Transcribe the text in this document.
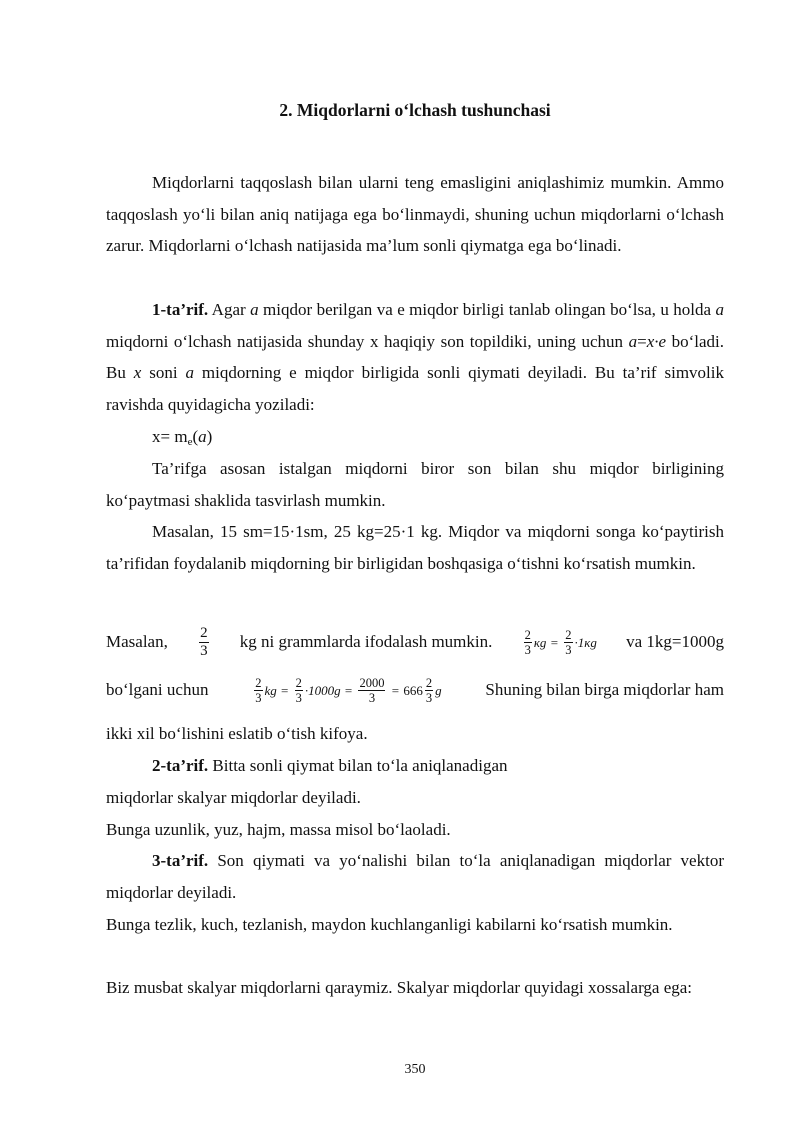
2. Miqdorlarni o‘lchash tushunchasi

Miqdorlarni taqqoslash bilan ularni teng emasligini aniqlashimiz mumkin. Ammo taqqoslash yo‘li bilan aniq natijaga ega bo‘linmaydi, shuning uchun miqdorlarni o‘lchash zarur. Miqdorlarni o‘lchash natijasida ma’lum sonli qiymatga ega bo‘linadi.

1-ta’rif. Agar a miqdor berilgan va e miqdor birligi tanlab olingan bo‘lsa, u holda a miqdorni o‘lchash natijasida shunday x haqiqiy son topildiki, uning uchun a=x·e bo‘ladi. Bu x soni a miqdorning e miqdor birligida sonli qiymati deyiladi. Bu ta’rif simvolik ravishda quyidagicha yoziladi:

$x= m_e(a)$

Ta’rifga asosan istalgan miqdorni biror son bilan shu miqdor birligining ko‘paytmasi shaklida tasvirlash mumkin.

Masalan, 15 sm=15·1sm, 25 kg=25·1 kg. Miqdor va miqdorni songa ko‘paytirish ta’rifidan foydalanib miqdorning bir birligidan boshqasiga o‘tishni ko‘rsatish mumkin.

Masalan, $\frac{2}{3}$ kg ni grammlarda ifodalash mumkin. $\frac{2}{3}$ кg = $\frac{2}{3} \cdot 1кg$ va 1kg=1000g
bo‘lgani uchun	$\frac{2}{3}$ kg = $\frac{2}{3} \cdot 1000g = \frac{2000}{3} = 666 \frac{2}{3}$ g	Shuning bilan birga miqdorlar ham

ikki xil bo‘lishini eslatib o‘tish kifoya.

2-ta’rif. Bitta sonli qiymat bilan to‘la aniqlanadigan

miqdorlar skalyar miqdorlar deyiladi.

Bunga uzunlik, yuz, hajm, massa misol bo‘laoladi.

3-ta’rif. Son qiymati va yo‘nalishi bilan to‘la aniqlanadigan miqdorlar vektor miqdorlar deyiladi.

Bunga tezlik, kuch, tezlanish, maydon kuchlanganligi kabilarni ko‘rsatish mumkin.

Biz musbat skalyar miqdorlarni qaraymiz. Skalyar miqdorlar quyidagi xossalarga ega:

350
